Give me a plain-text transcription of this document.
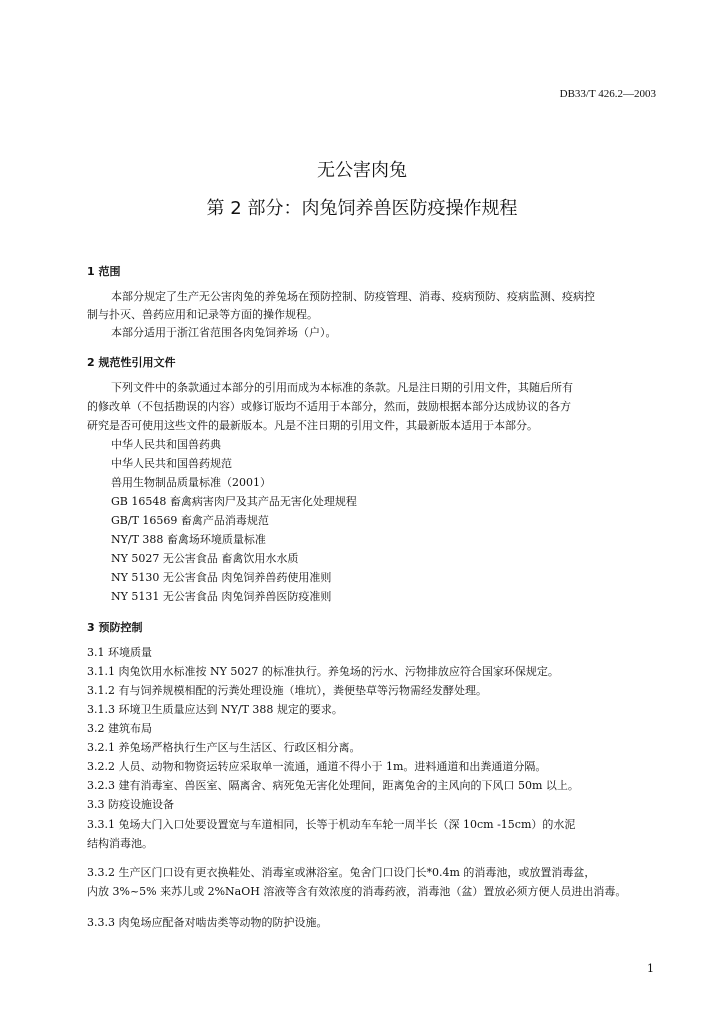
DB33/T 426.2—2003
无公害肉兔
第 2 部分：肉兔饲养兽医防疫操作规程
1 范围
本部分规定了生产无公害肉兔的养兔场在预防控制、防疫管理、消毒、疫病预防、疫病监测、疫病控
制与扑灭、兽药应用和记录等方面的操作规程。
本部分适用于浙江省范围各肉兔饲养场（户）。
2 规范性引用文件
下列文件中的条款通过本部分的引用而成为本标准的条款。凡是注日期的引用文件，其随后所有
的修改单（不包括勘误的内容）或修订版均不适用于本部分，然而，鼓励根据本部分达成协议的各方
研究是否可使用这些文件的最新版本。凡是不注日期的引用文件，其最新版本适用于本部分。
中华人民共和国兽药典
中华人民共和国兽药规范
兽用生物制品质量标准（2001）
GB 16548 畜禽病害肉尸及其产品无害化处理规程
GB/T 16569 畜禽产品消毒规范
NY/T 388 畜禽场环境质量标准
NY 5027 无公害食品 畜禽饮用水水质
NY 5130 无公害食品 肉兔饲养兽药使用准则
NY 5131 无公害食品 肉兔饲养兽医防疫准则
3 预防控制
3.1 环境质量
3.1.1 肉兔饮用水标准按 NY 5027 的标准执行。养兔场的污水、污物排放应符合国家环保规定。
3.1.2 有与饲养规模相配的污粪处理设施（堆坑），粪便垫草等污物需经发酵处理。
3.1.3 环境卫生质量应达到 NY/T 388 规定的要求。
3.2 建筑布局
3.2.1 养兔场严格执行生产区与生活区、行政区相分离。
3.2.2 人员、动物和物资运转应采取单一流通，通道不得小于 1m。进料通道和出粪通道分隔。
3.2.3 建有消毒室、兽医室、隔离舍、病死兔无害化处理间，距离兔舍的主风向的下风口 50m 以上。
3.3 防疫设施设备
3.3.1 兔场大门入口处要设置宽与车道相同，长等于机动车车轮一周半长（深 10cm -15cm）的水泥
结构消毒池。
3.3.2 生产区门口设有更衣换鞋处、消毒室或淋浴室。兔舍门口设门长*0.4m 的消毒池，或放置消毒盆，
内放 3%~5% 来苏儿或 2%NaOH 溶液等含有效浓度的消毒药液，消毒池（盆）置放必须方便人员进出消毒。
3.3.3 肉兔场应配备对啮齿类等动物的防护设施。
1
